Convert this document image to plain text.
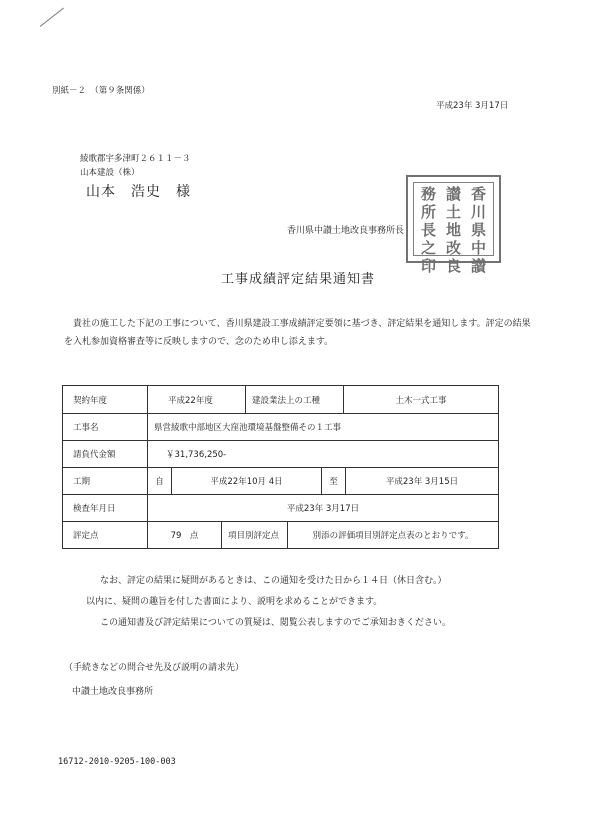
別紙－２　（第９条関係）
平成23年 3月17日
綾歌郡宇多津町２６１１－３
山本建設（株）
山本　浩史　様
香川県中讃土地改良事務所長
務 讃 香
所 土 川
長 地 県
之 改 中
印 良 讃
工事成績評定結果通知書
　貴社の施工した下記の工事について、香川県建設工事成績評定要領に基づき、評定結果を通知します。評定の結果を入札参加資格審査等に反映しますので、念のため申し添えます。
契約年度	平成22年度	建設業法上の工種	土木一式工事
工事名	県営綾歌中部地区大窪池環境基盤整備その１工事
請負代金額	￥31,736,250-
工期	自	平成22年10月 4日	至	平成23年 3月15日
検査年月日	平成23年 3月17日
評定点	79　点	項目別評定点	別添の評価項目別評定点表のとおりです。
なお、評定の結果に疑問があるときは、この通知を受けた日から１４日（休日含む。）
以内に、疑問の趣旨を付した書面により、説明を求めることができます。
この通知書及び評定結果についての質疑は、閲覧公表しますのでご承知おきください。
（手続きなどの問合せ先及び説明の請求先）
中讃土地改良事務所
16712-2010-9205-100-003
